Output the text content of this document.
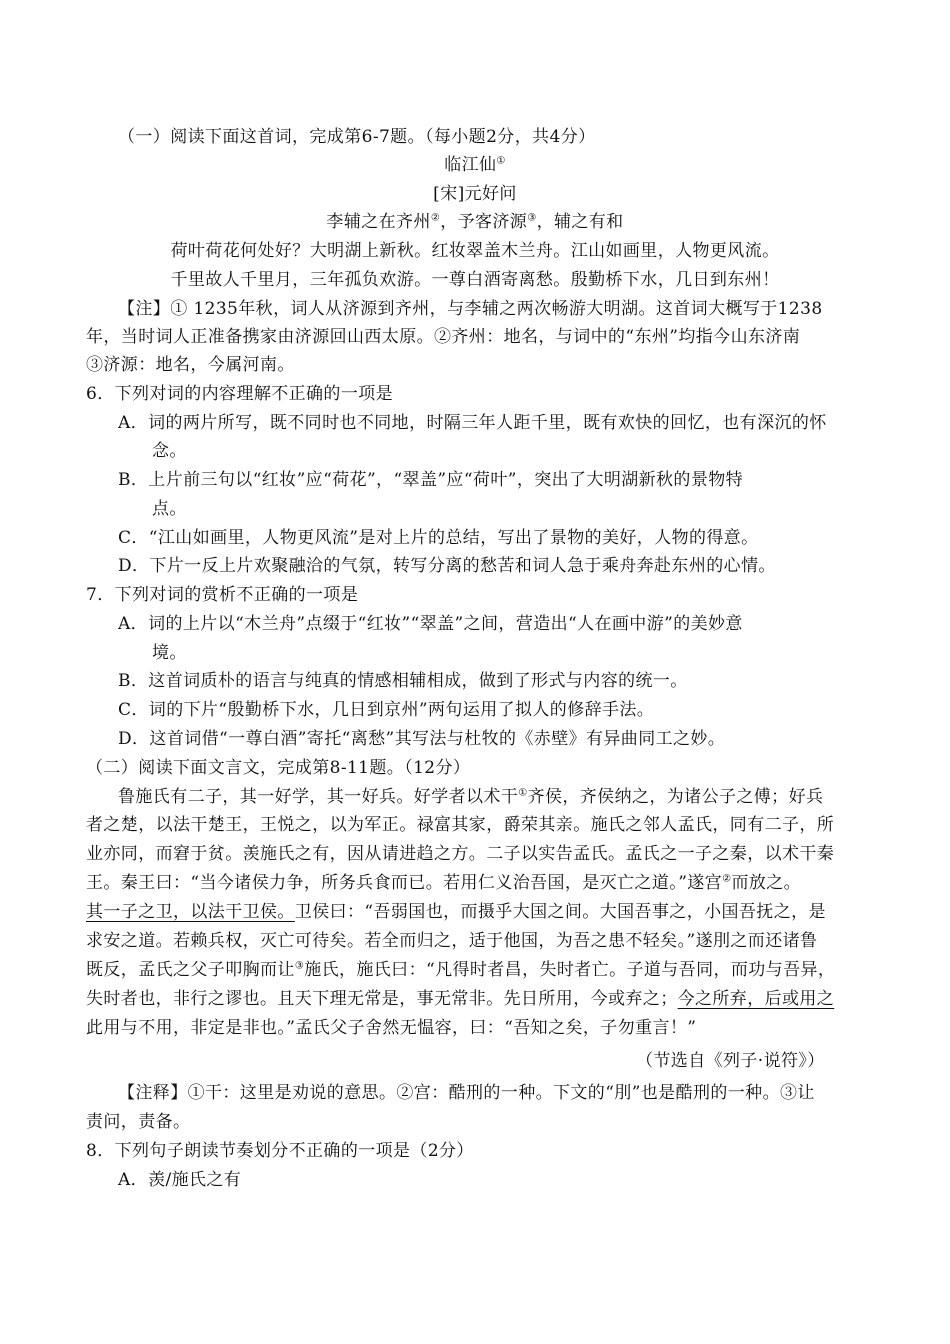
（一）阅读下面这首词，完成第6-7题。（每小题2分，共4分）
临江仙①
[宋]元好问
李辅之在齐州②，予客济源③，辅之有和
荷叶荷花何处好？大明湖上新秋。红妆翠盖木兰舟。江山如画里，人物更风流。
千里故人千里月，三年孤负欢游。一尊白酒寄离愁。殷勤桥下水，几日到东州！
【注】① 1235年秋，词人从济源到齐州，与李辅之两次畅游大明湖。这首词大概写于1238
年，当时词人正准备携家由济源回山西太原。②齐州：地名，与词中的“东州”均指今山东济南
③济源：地名，今属河南。
6．下列对词的内容理解不正确的一项是
A．词的两片所写，既不同时也不同地，时隔三年人距千里，既有欢快的回忆，也有深沉的怀
念。
B．上片前三句以“红妆”应“荷花”，“翠盖”应“荷叶”，突出了大明湖新秋的景物特
点。
C．“江山如画里，人物更风流”是对上片的总结，写出了景物的美好，人物的得意。
D．下片一反上片欢聚融洽的气氛，转写分离的愁苦和词人急于乘舟奔赴东州的心情。
7．下列对词的赏析不正确的一项是
A．词的上片以“木兰舟”点缀于“红妆”“翠盖”之间，营造出“人在画中游”的美妙意
境。
B．这首词质朴的语言与纯真的情感相辅相成，做到了形式与内容的统一。
C．词的下片“殷勤桥下水，几日到京州”两句运用了拟人的修辞手法。
D．这首词借“一尊白酒”寄托“离愁”其写法与杜牧的《赤壁》有异曲同工之妙。
（二）阅读下面文言文，完成第8-11题。（12分）
鲁施氏有二子，其一好学，其一好兵。好学者以术干①齐侯，齐侯纳之，为诸公子之傅；好兵
者之楚，以法干楚王，王悦之，以为军正。禄富其家，爵荣其亲。施氏之邻人孟氏，同有二子，所
业亦同，而窘于贫。羡施氏之有，因从请进趋之方。二子以实告孟氏。孟氏之一子之秦，以术干秦
王。秦王曰：“当今诸侯力争，所务兵食而已。若用仁义治吾国，是灭亡之道。”遂宫②而放之。
其一子之卫，以法干卫侯。卫侯曰：“吾弱国也，而摄乎大国之间。大国吾事之，小国吾抚之，是
求安之道。若赖兵权，灭亡可待矣。若全而归之，适于他国，为吾之患不轻矣。”遂刖之而还诸鲁
既反，孟氏之父子叩胸而让③施氏，施氏曰：“凡得时者昌，失时者亡。子道与吾同，而功与吾异，
失时者也，非行之谬也。且天下理无常是，事无常非。先日所用，今或弃之；今之所弃，后或用之
此用与不用，非定是非也。”孟氏父子舍然无愠容，曰：“吾知之矣，子勿重言！”
（节选自《列子·说符》）
【注释】①干：这里是劝说的意思。②宫：酷刑的一种。下文的“刖”也是酷刑的一种。③让
责问，责备。
8．下列句子朗读节奏划分不正确的一项是（2分）
A．羡/施氏之有
